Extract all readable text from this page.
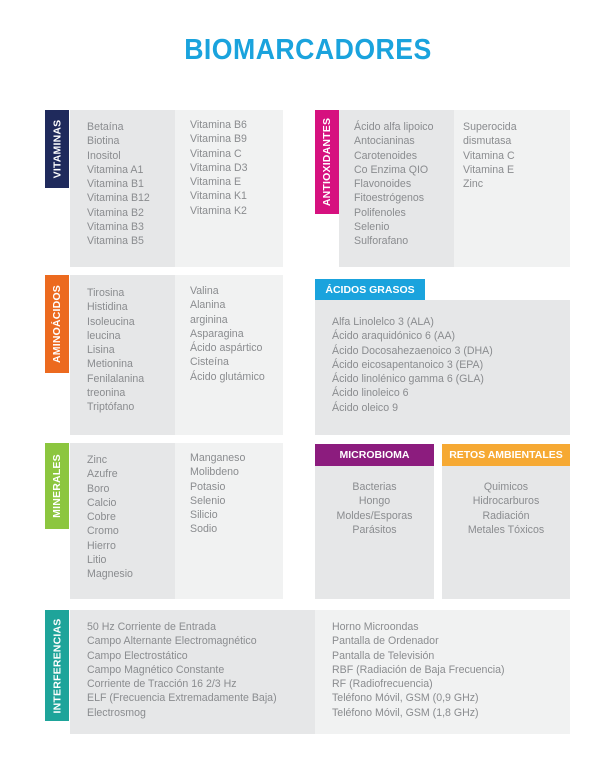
BIOMARCADORES
VITAMINAS Betaína
Biotina
Inositol
Vitamina A1
Vitamina B1
Vitamina B12
Vitamina B2
Vitamina B3
Vitamina B5
Vitamina B6
Vitamina B9
Vitamina C
Vitamina D3
Vitamina E
Vitamina K1
Vitamina K2
ANTIOXIDANTES Ácido alfa lipoico
Antocianinas
Carotenoides
Co Enzima QIO
Flavonoides
Fitoestrógenos
Polifenoles
Selenio
Sulforafano
Superocida
dismutasa
Vitamina C
Vitamina E
Zinc
AMINOÁCIDOS Tirosina
Histidina
Isoleucina
leucina
Lisina
Metionina
Fenilalanina
treonina
Triptófano
Valina
Alanina
arginina
Asparagina
Ácido aspártico
Cisteína
Ácido glutámico
ÁCIDOS GRASOS
Alfa Linolelco 3 (ALA)
Ácido araquidónico 6 (AA)
Ácido Docosahezaenoico 3 (DHA)
Ácido eicosapentanoico 3 (EPA)
Ácido linolénico gamma 6 (GLA)
Ácido linoleico 6
Ácido oleico 9
MINERALES Zinc
Azufre
Boro
Calcio
Cobre
Cromo
Hierro
Litio
Magnesio
Manganeso
Molibdeno
Potasio
Selenio
Silicio
Sodio
MICROBIOMA
Bacterias
Hongo
Moldes/Esporas
Parásitos
RETOS AMBIENTALES
Quimicos
Hidrocarburos
Radiación
Metales Tóxicos
INTERFERENCIAS 50 Hz Corriente de Entrada
Campo Alternante Electromagnético
Campo Electrostático
Campo Magnético Constante
Corriente de Tracción 16 2/3 Hz
ELF (Frecuencia Extremadamente Baja)
Electrosmog
Horno Microondas
Pantalla de Ordenador
Pantalla de Televisión
RBF (Radiación de Baja Frecuencia)
RF (Radiofrecuencia)
Teléfono Móvil, GSM (0,9 GHz)
Teléfono Móvil, GSM (1,8 GHz)
